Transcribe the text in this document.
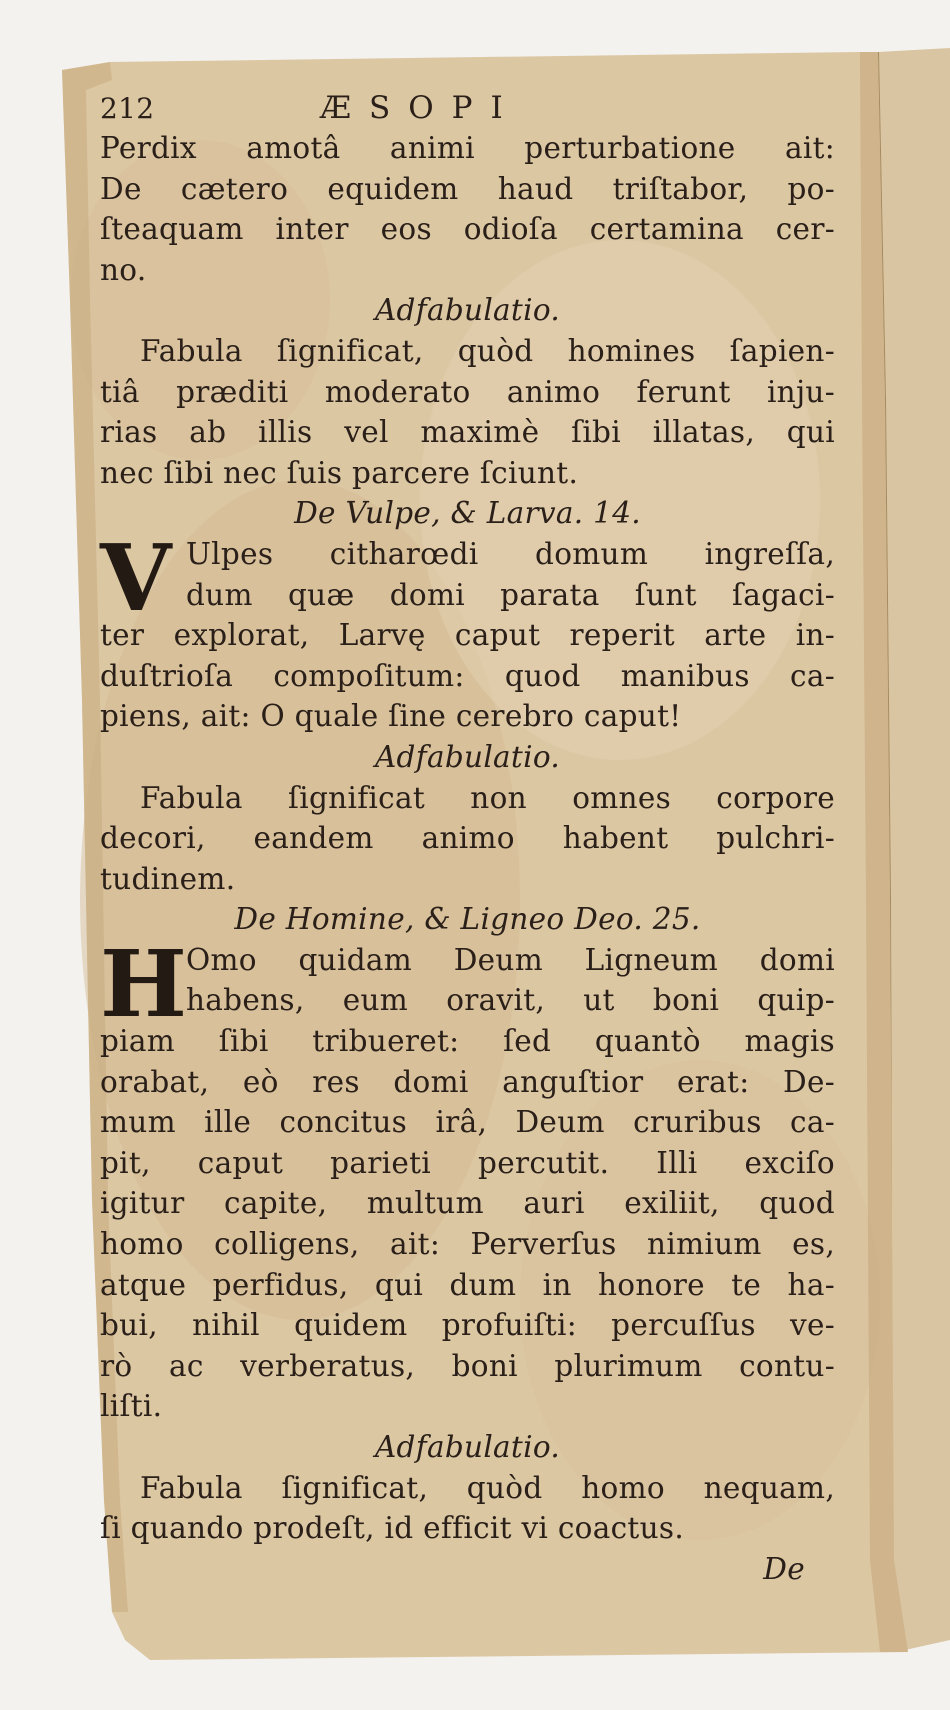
212	ÆSOPI
Perdix amotâ animi perturbatione ait:
De cætero equidem haud triſtabor, po-
ſteaquam inter eos odioſa certamina cer-
no.
Adfabulatio.
Fabula ſignificat, quòd homines ſapien-
tiâ præditi moderato animo ferunt inju-
rias ab illis vel maximè ſibi illatas, qui
nec ſibi nec ſuis parcere ſciunt.
De Vulpe, & Larva. 14.
V Ulpes citharœdi domum ingreſſa,
dum quæ domi parata ſunt ſagaci-
ter explorat, Larvę caput reperit arte in-
duſtrioſa compoſitum: quod manibus ca-
piens, ait: O quale ſine cerebro caput!
Adfabulatio.
Fabula ſignificat non omnes corpore
decori, eandem animo habent pulchri-
tudinem.
De Homine, & Ligneo Deo. 25.
H
Omo quidam Deum Ligneum domi
habens, eum oravit, ut boni quip-
piam ſibi tribueret: ſed quantò magis
orabat, eò res domi anguſtior erat: De-
mum ille concitus irâ, Deum cruribus ca-
pit, caput parieti percutit. Illi exciſo
igitur capite, multum auri exiliit, quod
homo colligens, ait: Perverſus nimium es,
atque perfidus, qui dum in honore te ha-
bui, nihil quidem profuiſti: percuſſus ve-
rò ac verberatus, boni plurimum contu-
liſti.
Adfabulatio.
Fabula ſignificat, quòd homo nequam,
ſi quando prodeſt, id efficit vi coactus.
De
